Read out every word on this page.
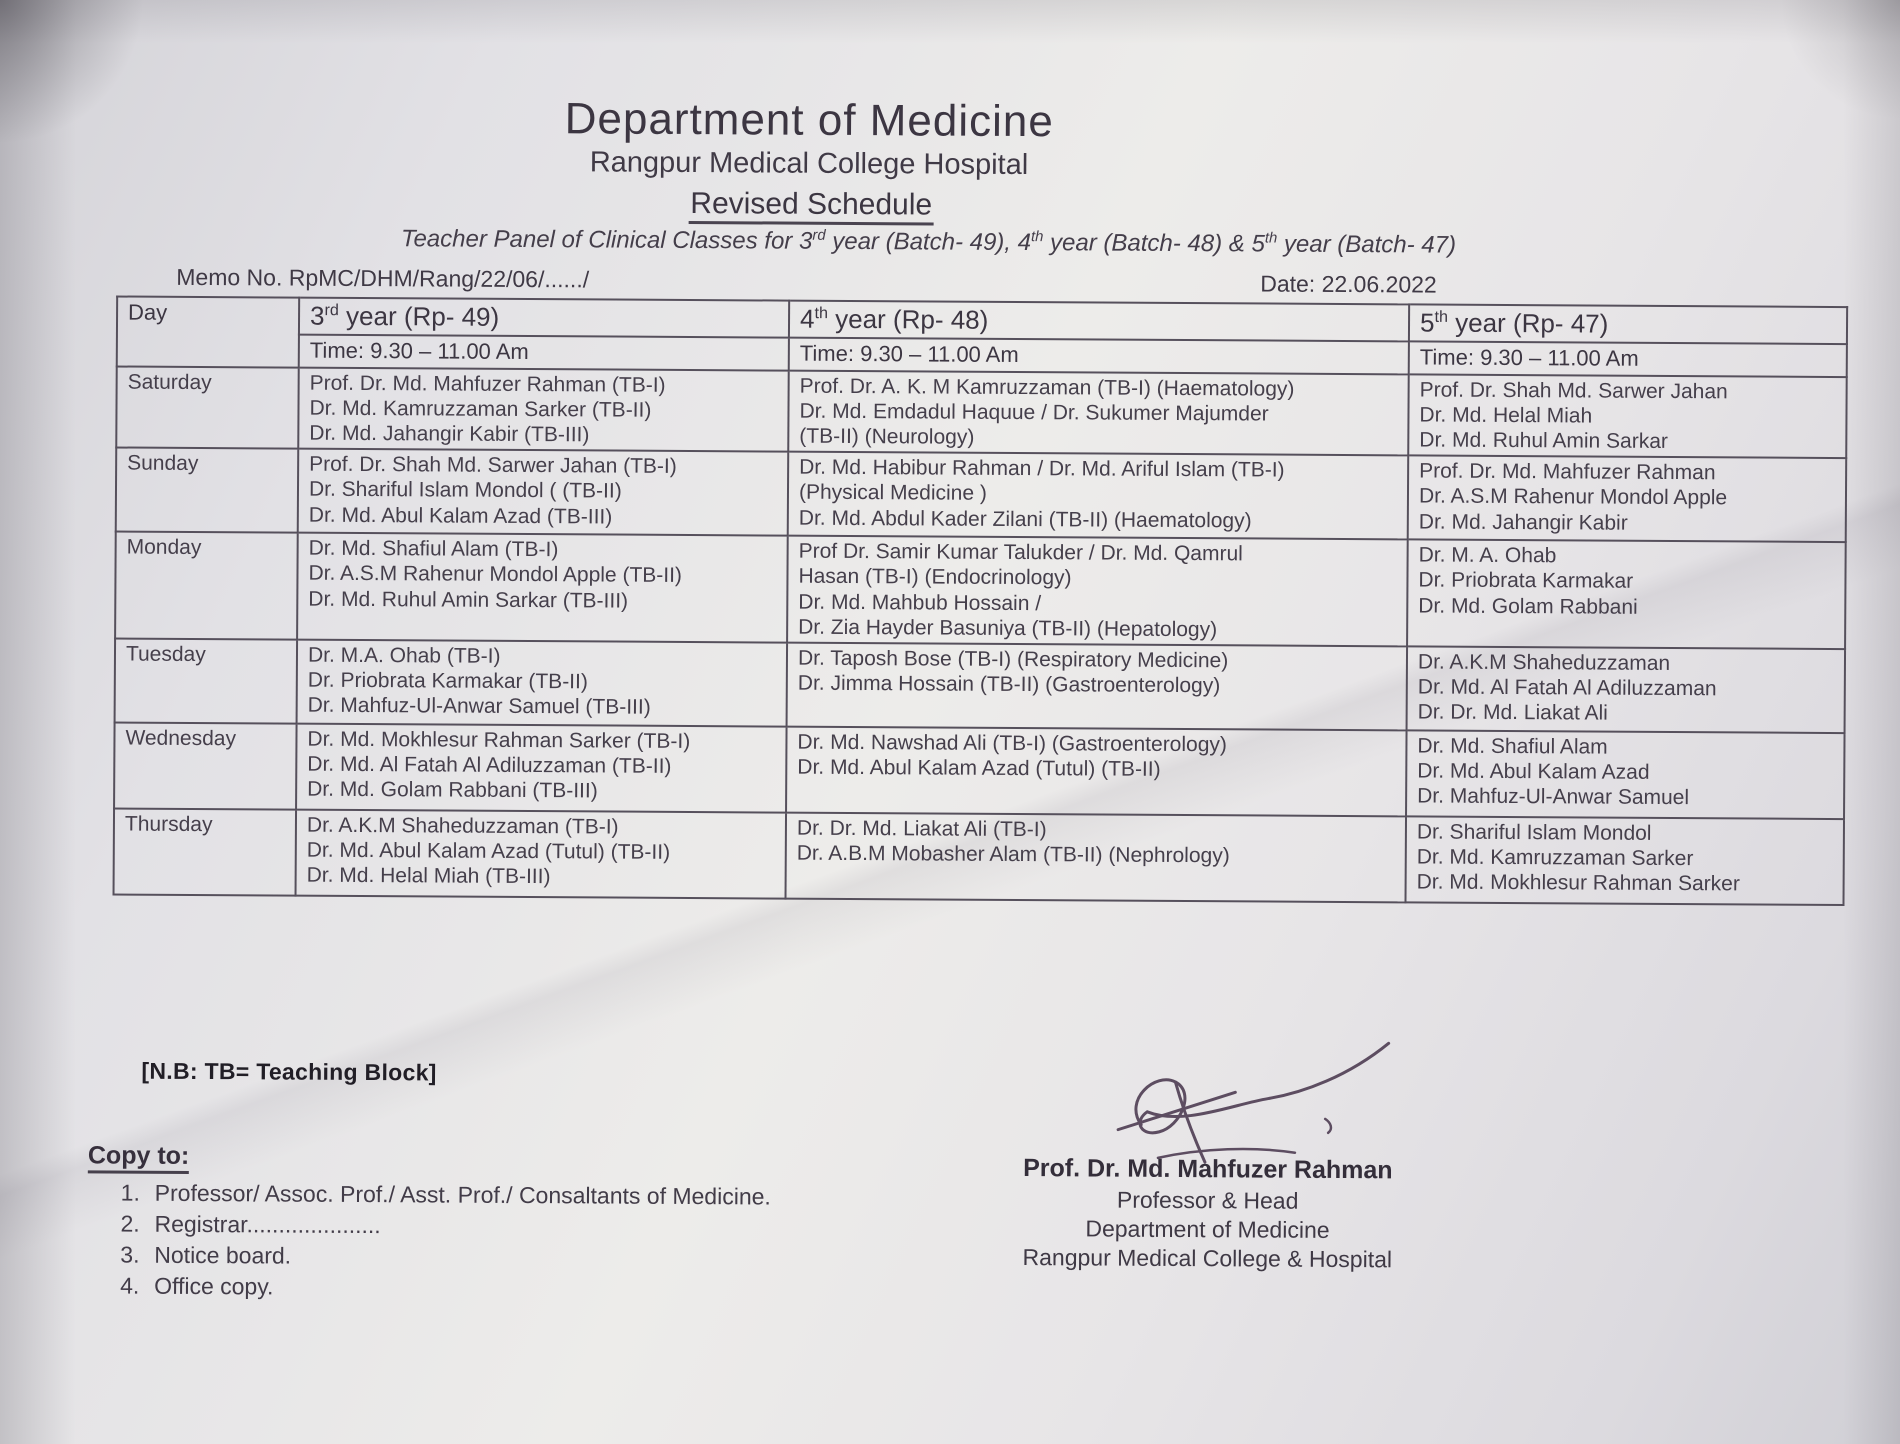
Department of Medicine
Rangpur Medical College Hospital
Revised Schedule
Teacher Panel of Clinical Classes for 3rd year (Batch- 49), 4th year (Batch- 48) & 5th year (Batch- 47)
Memo No. RpMC/DHM/Rang/22/06/....../	Date: 22.06.2022
Day	3rd year (Rp- 49)	4th year (Rp- 48)	5th year (Rp- 47)
	Time: 9.30 – 11.00 Am	Time: 9.30 – 11.00 Am	Time: 9.30 – 11.00 Am
Saturday	Prof. Dr. Md. Mahfuzer Rahman (TB-I)
Dr. Md. Kamruzzaman Sarker (TB-II)
Dr. Md. Jahangir Kabir (TB-III)	Prof. Dr. A. K. M Kamruzzaman (TB-I) (Haematology)
Dr. Md. Emdadul Haquue / Dr. Sukumer Majumder
(TB-II) (Neurology)	Prof. Dr. Shah Md. Sarwer Jahan
Dr. Md. Helal Miah
Dr. Md. Ruhul Amin Sarkar
Sunday	Prof. Dr. Shah Md. Sarwer Jahan (TB-I)
Dr. Shariful Islam Mondol ( (TB-II)
Dr. Md. Abul Kalam Azad (TB-III)	Dr. Md. Habibur Rahman / Dr. Md. Ariful Islam (TB-I)
(Physical Medicine )
Dr. Md. Abdul Kader Zilani (TB-II) (Haematology)	Prof. Dr. Md. Mahfuzer Rahman
Dr. A.S.M Rahenur Mondol Apple
Dr. Md. Jahangir Kabir
Monday	Dr. Md. Shafiul Alam (TB-I)
Dr. A.S.M Rahenur Mondol Apple (TB-II)
Dr. Md. Ruhul Amin Sarkar (TB-III)	Prof Dr. Samir Kumar Talukder / Dr. Md. Qamrul
Hasan (TB-I) (Endocrinology)
Dr. Md. Mahbub Hossain /
Dr. Zia Hayder Basuniya (TB-II) (Hepatology)	Dr. M. A. Ohab
Dr. Priobrata Karmakar
Dr. Md. Golam Rabbani
Tuesday	Dr. M.A. Ohab (TB-I)
Dr. Priobrata Karmakar (TB-II)
Dr. Mahfuz-Ul-Anwar Samuel (TB-III)	Dr. Taposh Bose (TB-I) (Respiratory Medicine)
Dr. Jimma Hossain (TB-II) (Gastroenterology)	Dr. A.K.M Shaheduzzaman
Dr. Md. Al Fatah Al Adiluzzaman
Dr. Dr. Md. Liakat Ali
Wednesday	Dr. Md. Mokhlesur Rahman Sarker (TB-I)
Dr. Md. Al Fatah Al Adiluzzaman (TB-II)
Dr. Md. Golam Rabbani (TB-III)	Dr. Md. Nawshad Ali (TB-I) (Gastroenterology)
Dr. Md. Abul Kalam Azad (Tutul) (TB-II)	Dr. Md. Shafiul Alam
Dr. Md. Abul Kalam Azad
Dr. Mahfuz-Ul-Anwar Samuel
Thursday	Dr. A.K.M Shaheduzzaman (TB-I)
Dr. Md. Abul Kalam Azad (Tutul) (TB-II)
Dr. Md. Helal Miah (TB-III)	Dr. Dr. Md. Liakat Ali (TB-I)
Dr. A.B.M Mobasher Alam (TB-II) (Nephrology)	Dr. Shariful Islam Mondol
Dr. Md. Kamruzzaman Sarker
Dr. Md. Mokhlesur Rahman Sarker
[N.B: TB= Teaching Block]
Copy to:
1. Professor/ Assoc. Prof./ Asst. Prof./ Consaltants of Medicine.
2. Registrar.....................
3. Notice board.
4. Office copy.
Prof. Dr. Md. Mahfuzer Rahman
Professor & Head
Department of Medicine
Rangpur Medical College & Hospital
